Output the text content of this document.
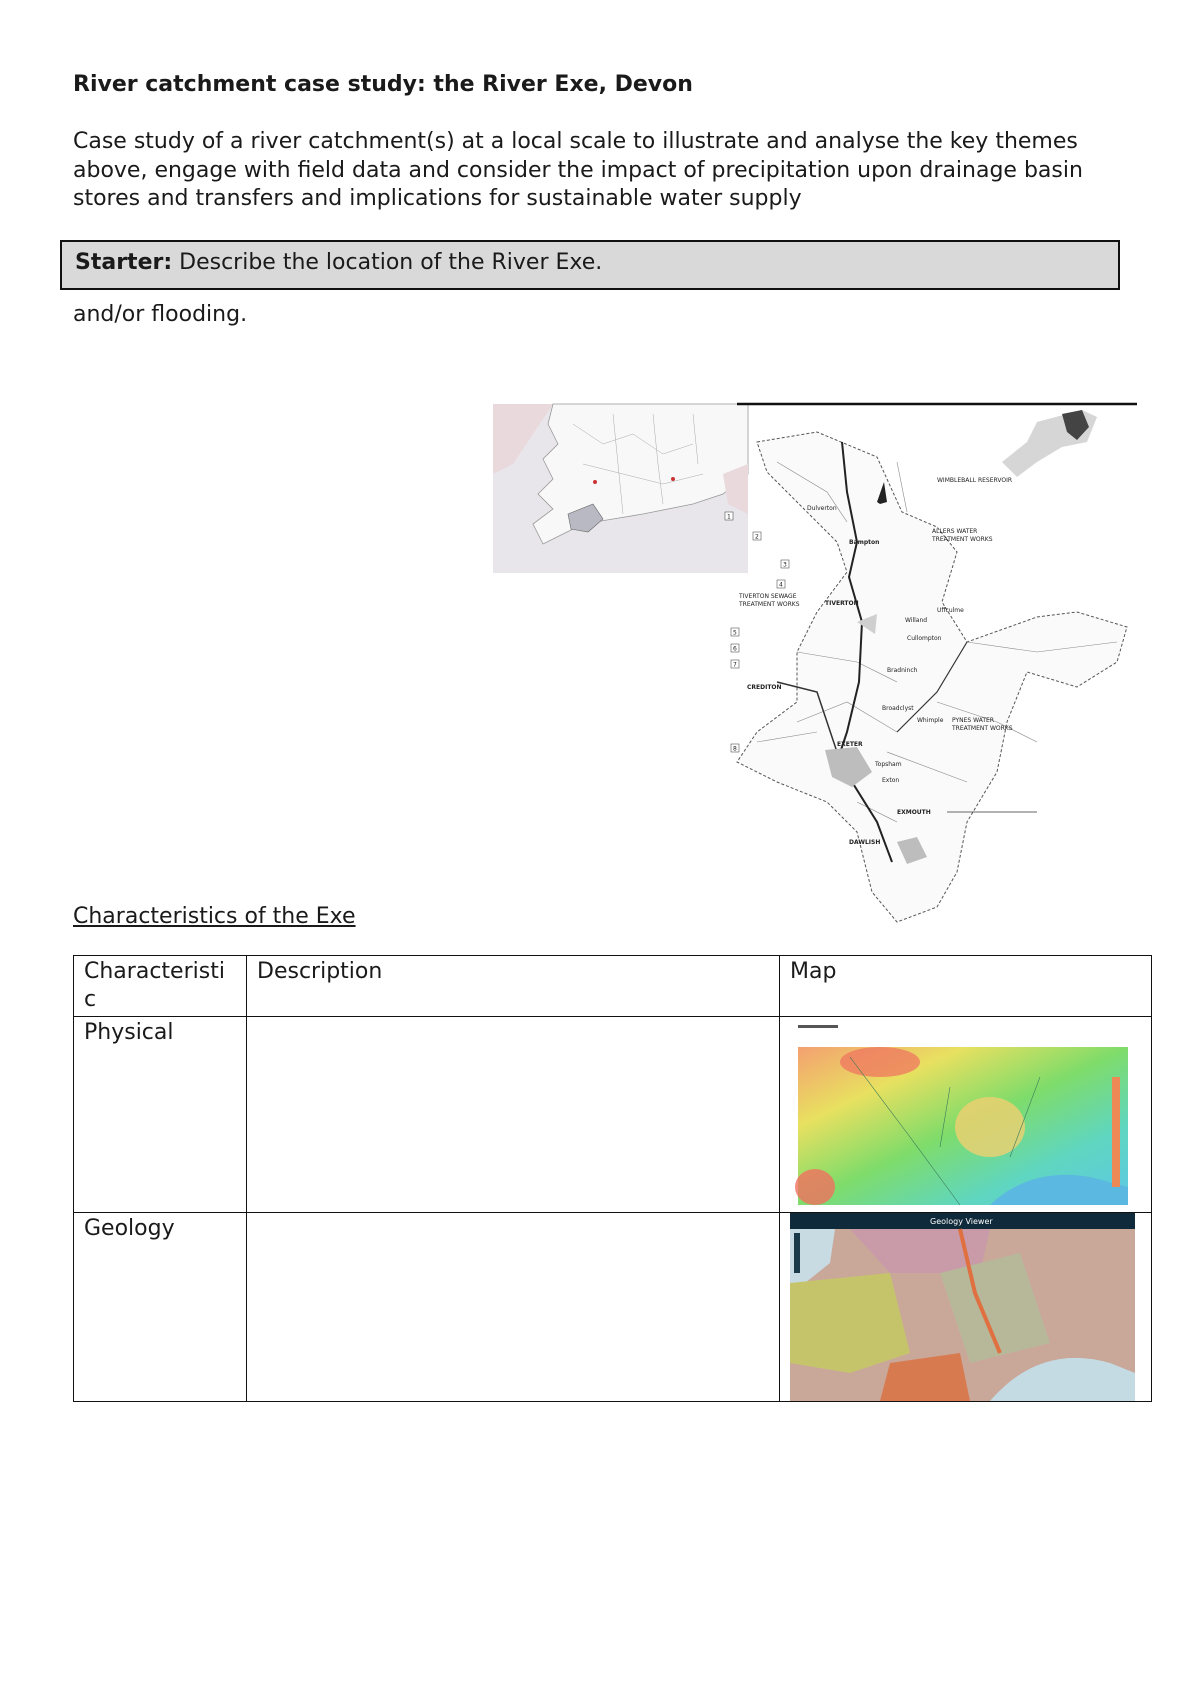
River catchment case study: the River Exe, Devon
Case study of a river catchment(s) at a local scale to illustrate and analyse the key themes above, engage with field data and consider the impact of precipitation upon drainage basin stores and transfers and implications for sustainable water supply
Starter: Describe the location of the River Exe.
and/or flooding.
WIMBLEBALL RESERVOIR
Dulverton
Bampton
ALLERS WATER
TREATMENT WORKS
TIVERTON SEWAGE
TREATMENT WORKS	TIVERTON
Uffculme
Willand
Cullompton
Bradninch
CREDITON
Broadclyst
Whimple PYNES WATER
TREATMENT WORKS
EXETER
Topsham
Exton
EXMOUTH
DAWLISH
1
2
3
4
5
6
7
8
Characteristics of the Exe
Characteristic	Description	Map
Physical		

Geology		Geology Viewer
